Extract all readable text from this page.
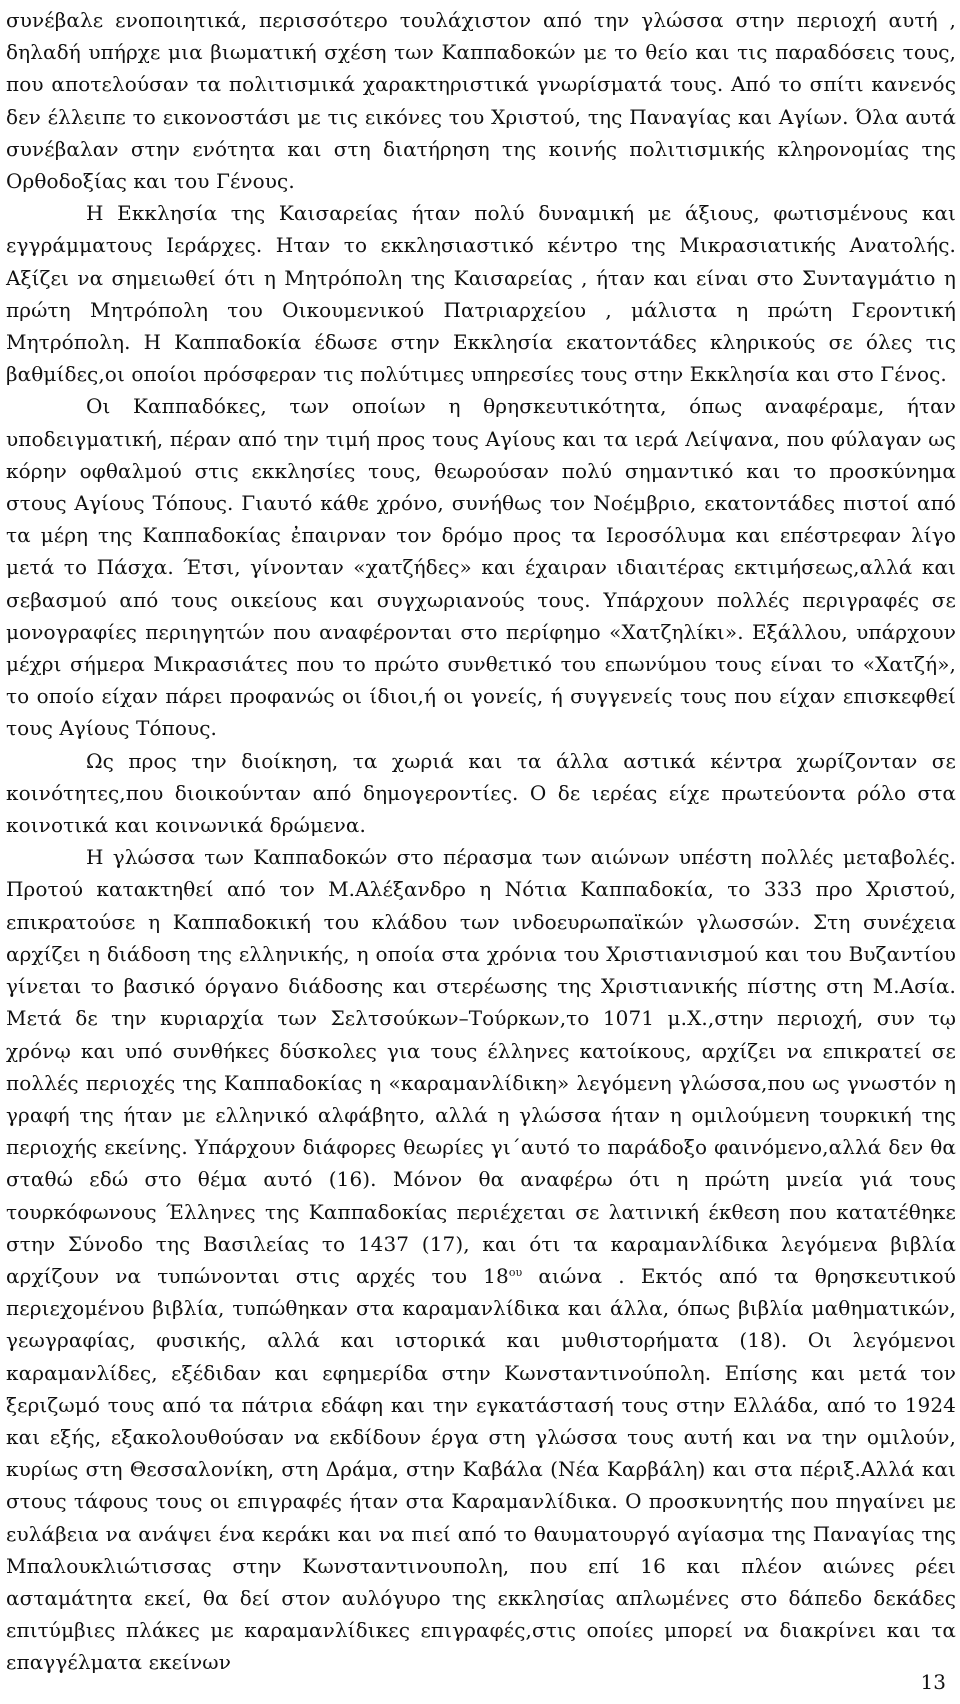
συνέβαλε ενοποιητικά, περισσότερο τουλάχιστον από την γλώσσα στην περιοχή αυτή , δηλαδή υπήρχε μια βιωματική σχέση των Καππαδοκών με το θείο και τις παραδόσεις τους, που αποτελούσαν τα πολιτισμικά χαρακτηριστικά γνωρίσματά τους. Από το σπίτι κανενός δεν έλλειπε το εικονοστάσι με τις εικόνες του Χριστού, της Παναγίας και Αγίων. Όλα αυτά συνέβαλαν στην ενότητα και στη διατήρηση της κοινής πολιτισμικής κληρονομίας της Ορθοδοξίας και του Γένους.

Η Εκκλησία της Καισαρείας ήταν πολύ δυναμική με άξιους, φωτισμένους και εγγράμματους Ιεράρχες. Ηταν το εκκλησιαστικό κέντρο της Μικρασιατικής Ανατολής. Αξίζει να σημειωθεί ότι η Μητρόπολη της Καισαρείας , ήταν και είναι στο Συνταγμάτιο η πρώτη Μητρόπολη του Οικουμενικού Πατριαρχείου , μάλιστα η πρώτη Γεροντική Μητρόπολη. Η Καππαδοκία έδωσε στην Εκκλησία εκατοντάδες κληρικούς σε όλες τις βαθμίδες,οι οποίοι πρόσφεραν τις πολύτιμες υπηρεσίες τους στην Εκκλησία και στο Γένος.

Οι Καππαδόκες, των οποίων η θρησκευτικότητα, όπως αναφέραμε, ήταν υποδειγματική, πέραν από την τιμή προς τους Αγίους και τα ιερά Λείψανα, που φύλαγαν ως κόρην οφθαλμού στις εκκλησίες τους, θεωρούσαν πολύ σημαντικό και το προσκύνημα στους Αγίους Τόπους. Γιαυτό κάθε χρόνο, συνήθως τον Νοέμβριο, εκατοντάδες πιστοί από τα μέρη της Καππαδοκίας ἐπαιρναν τον δρόμο προς τα Ιεροσόλυμα και επέστρεφαν λίγο μετά το Πάσχα. Έτσι, γίνονταν «χατζήδες» και έχαιραν ιδιαιτέρας εκτιμήσεως,αλλά και σεβασμού από τους οικείους και συγχωριανούς τους. Υπάρχουν πολλές περιγραφές σε μονογραφίες περιηγητών που αναφέρονται στο περίφημο «Χατζηλίκι». Εξάλλου, υπάρχουν μέχρι σήμερα Μικρασιάτες που το πρώτο συνθετικό του επωνύμου τους είναι το «Χατζή», το οποίο είχαν πάρει προφανώς οι ίδιοι,ή οι γονείς, ή συγγενείς τους που είχαν επισκεφθεί τους Αγίους Τόπους.

Ως προς την διοίκηση, τα χωριά και τα άλλα αστικά κέντρα χωρίζονταν σε κοινότητες,που διοικούνταν από δημογεροντίες. Ο δε ιερέας είχε πρωτεύοντα ρόλο στα κοινοτικά και κοινωνικά δρώμενα.

Η γλώσσα των Καππαδοκών στο πέρασμα των αιώνων υπέστη πολλές μεταβολές. Προτού κατακτηθεί από τον Μ.Αλέξανδρο η Νότια Καππαδοκία, το 333 προ Χριστού, επικρατούσε η Καππαδοκική του κλάδου των ινδοευρωπαϊκών γλωσσών. Στη συνέχεια αρχίζει η διάδοση της ελληνικής, η οποία στα χρόνια του Χριστιανισμού και του Βυζαντίου γίνεται το βασικό όργανο διάδοσης και στερέωσης της Χριστιανικής πίστης στη Μ.Ασία. Μετά δε την κυριαρχία των Σελτσούκων–Τούρκων,το 1071 μ.Χ.,στην περιοχή, συν τῳ χρόνῳ και υπό συνθήκες δύσκολες για τους έλληνες κατοίκους, αρχίζει να επικρατεί σε πολλές περιοχές της Καππαδοκίας η «καραμανλίδικη» λεγόμενη γλώσσα,που ως γνωστόν η γραφή της ήταν με ελληνικό αλφάβητο, αλλά η γλώσσα ήταν η ομιλούμενη τουρκική της περιοχής εκείνης. Υπάρχουν διάφορες θεωρίες γι΄αυτό το παράδοξο φαινόμενο,αλλά δεν θα σταθώ εδώ στο θέμα αυτό (16). Μόνον θα αναφέρω ότι η πρώτη μνεία γιά τους τουρκόφωνους Έλληνες της Καππαδοκίας περιέχεται σε λατινική έκθεση που κατατέθηκε στην Σύνοδο της Βασιλείας το 1437 (17), και ότι τα καραμανλίδικα λεγόμενα βιβλία αρχίζουν να τυπώνονται στις αρχές του $18^{o\upsilon}$ αιώνα . Εκτός από τα θρησκευτικού περιεχομένου βιβλία, τυπώθηκαν στα καραμανλίδικα και άλλα, όπως βιβλία μαθηματικών, γεωγραφίας, φυσικής, αλλά και ιστορικά και μυθιστορήματα (18). Οι λεγόμενοι καραμανλίδες, εξέδιδαν και εφημερίδα στην Κωνσταντινούπολη. Επίσης και μετά τον ξεριζωμό τους από τα πάτρια εδάφη και την εγκατάστασή τους στην Ελλάδα, από το 1924 και εξής, εξακολουθούσαν να εκδίδουν έργα στη γλώσσα τους αυτή και να την ομιλούν, κυρίως στη Θεσσαλονίκη, στη Δράμα, στην Καβάλα (Νέα Καρβάλη) και στα πέριξ.Αλλά και στους τάφους τους οι επιγραφές ήταν στα Καραμανλίδικα. Ο προσκυνητής που πηγαίνει με ευλάβεια να ανάψει ένα κεράκι και να πιεί από το θαυματουργό αγίασμα της Παναγίας της Μπαλουκλιώτισσας στην Κωνσταντινουπολη, που επί 16 και πλέον αιώνες ρέει ασταμάτητα εκεί, θα δεί στον αυλόγυρο της εκκλησίας απλωμένες στο δάπεδο δεκάδες επιτύμβιες πλάκες με καραμανλίδικες επιγραφές,στις οποίες μπορεί να διακρίνει και τα επαγγέλματα εκείνων

13
